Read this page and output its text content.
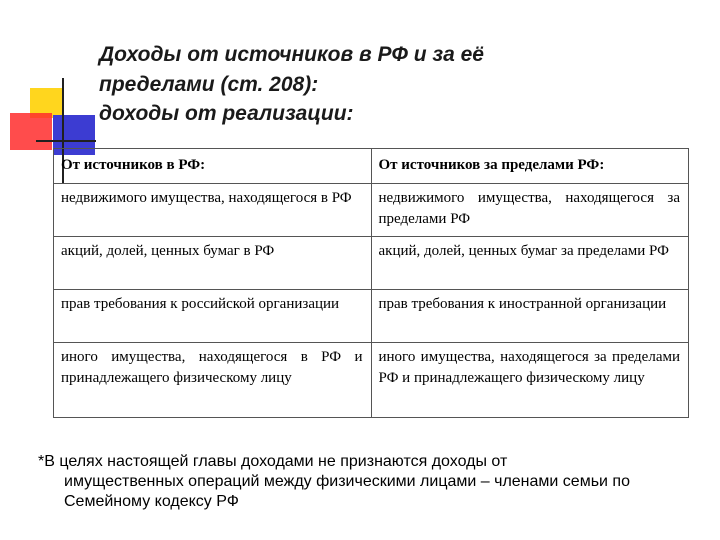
Доходы от источников в РФ и за её
пределами (ст. 208):
доходы от реализации:
От источников в РФ:	От источников за пределами РФ:
недвижимого имущества, находящегося в РФ	недвижимого имущества, находящегося за пределами РФ
акций, долей, ценных бумаг в РФ	акций, долей, ценных бумаг за пределами РФ
прав требования к российской организации	прав требования к иностранной организации
иного имущества, находящегося в РФ и принадлежащего физическому лицу	иного имущества, находящегося за пределами РФ и принадлежащего физическому лицу
*В целях настоящей главы доходами не признаются доходы от
имущественных операций между физическими лицами – членами семьи по Семейному кодексу РФ
